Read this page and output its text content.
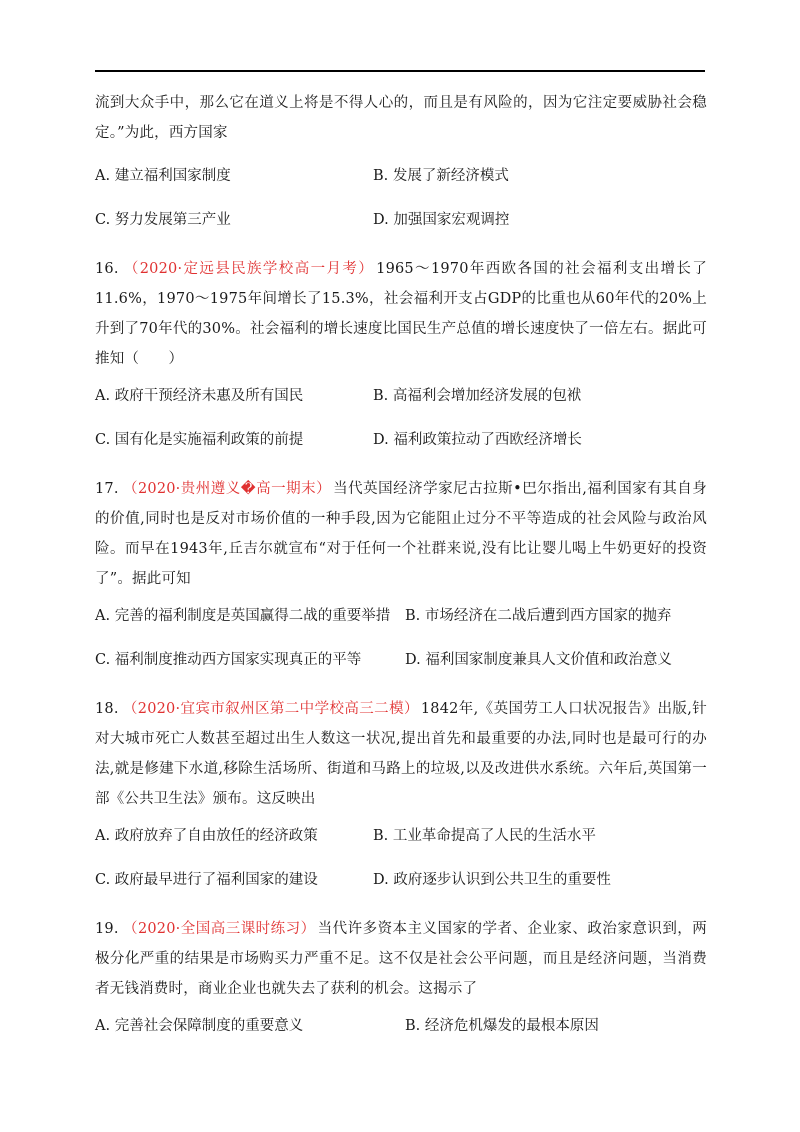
流到大众手中，那么它在道义上将是不得人心的，而且是有风险的，因为它注定要威胁社会稳定。”为此，西方国家

A. 建立福利国家制度	B. 发展了新经济模式
C. 努力发展第三产业	D. 加强国家宏观调控

16. （2020·定远县民族学校高一月考） 1965～1970年西欧各国的社会福利支出增长了11.6%，1970～1975年间增长了15.3%，社会福利开支占GDP的比重也从60年代的20%上升到了70年代的30%。社会福利的增长速度比国民生产总值的增长速度快了一倍左右。据此可推知（　　）

A. 政府干预经济未惠及所有国民	B. 高福利会增加经济发展的包袱
C. 国有化是实施福利政策的前提	D. 福利政策拉动了西欧经济增长

17. （2020·贵州遵义�高一期末） 当代英国经济学家尼古拉斯•巴尔指出,福利国家有其自身的价值,同时也是反对市场价值的一种手段,因为它能阻止过分不平等造成的社会风险与政治风险。而早在1943年,丘吉尔就宣布“对于任何一个社群来说,没有比让婴儿喝上牛奶更好的投资了”。据此可知

A. 完善的福利制度是英国赢得二战的重要举措 B. 市场经济在二战后遭到西方国家的抛弃
C. 福利制度推动西方国家实现真正的平等	D. 福利国家制度兼具人文价值和政治意义

18. （2020·宜宾市叙州区第二中学校高三二模） 1842年,《英国劳工人口状况报告》出版,针对大城市死亡人数甚至超过出生人数这一状况,提出首先和最重要的办法,同时也是最可行的办法,就是修建下水道,移除生活场所、街道和马路上的垃圾,以及改进供水系统。六年后,英国第一部《公共卫生法》颁布。这反映出

A. 政府放弃了自由放任的经济政策	B. 工业革命提高了人民的生活水平
C. 政府最早进行了福利国家的建设	D. 政府逐步认识到公共卫生的重要性

19. （2020·全国高三课时练习） 当代许多资本主义国家的学者、企业家、政治家意识到，两极分化严重的结果是市场购买力严重不足。这不仅是社会公平问题，而且是经济问题，当消费者无钱消费时，商业企业也就失去了获利的机会。这揭示了

A. 完善社会保障制度的重要意义	B. 经济危机爆发的最根本原因
